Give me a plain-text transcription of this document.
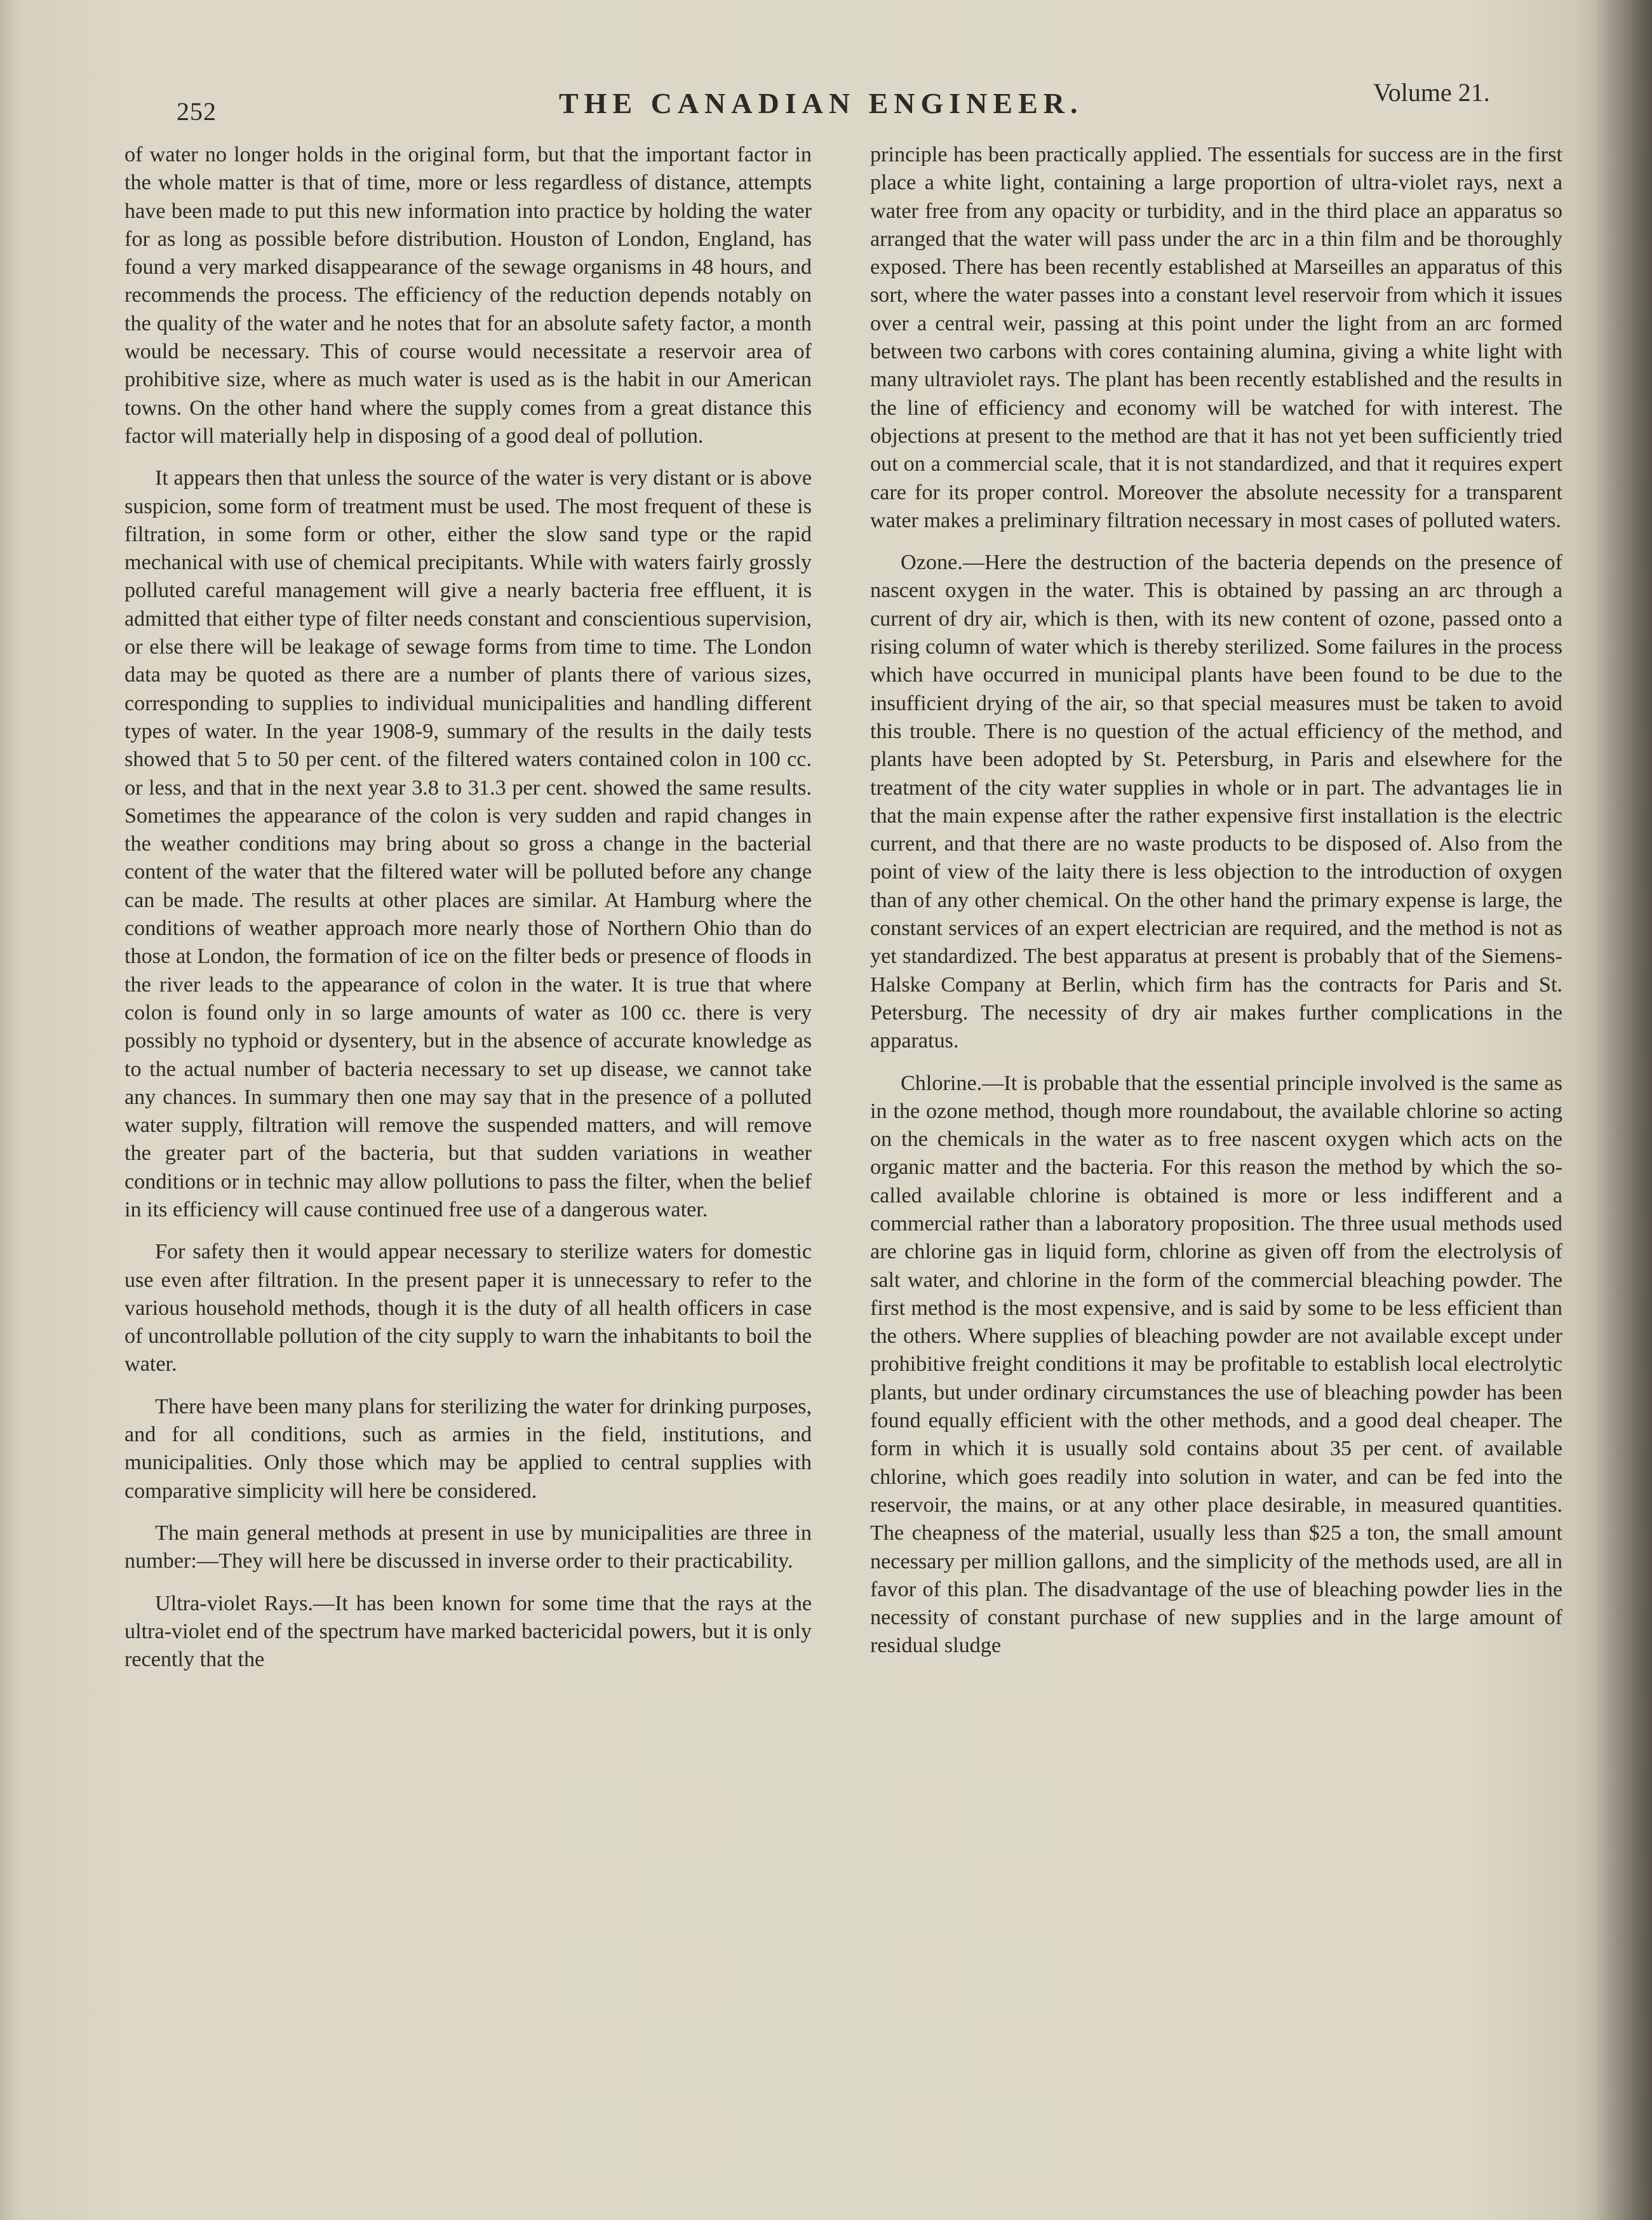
252	THE CANADIAN ENGINEER.	Volume 21.

of water no longer holds in the original form, but that the important factor in the whole matter is that of time, more or less regardless of distance, attempts have been made to put this new information into practice by holding the water for as long as possible before distribution. Houston of London, England, has found a very marked disappearance of the sewage organisms in 48 hours, and recommends the process. The efficiency of the reduction depends notably on the quality of the water and he notes that for an absolute safety factor, a month would be necessary. This of course would necessitate a reservoir area of prohibitive size, where as much water is used as is the habit in our American towns. On the other hand where the supply comes from a great distance this factor will materially help in disposing of a good deal of pollution.

It appears then that unless the source of the water is very distant or is above suspicion, some form of treatment must be used. The most frequent of these is filtration, in some form or other, either the slow sand type or the rapid mechanical with use of chemical precipitants. While with waters fairly grossly polluted careful management will give a nearly bacteria free effluent, it is admitted that either type of filter needs constant and conscientious supervision, or else there will be leakage of sewage forms from time to time. The London data may be quoted as there are a number of plants there of various sizes, corresponding to supplies to individual municipalities and handling different types of water. In the year 1908-9, summary of the results in the daily tests showed that 5 to 50 per cent. of the filtered waters contained colon in 100 cc. or less, and that in the next year 3.8 to 31.3 per cent. showed the same results. Sometimes the appearance of the colon is very sudden and rapid changes in the weather conditions may bring about so gross a change in the bacterial content of the water that the filtered water will be polluted before any change can be made. The results at other places are similar. At Hamburg where the conditions of weather approach more nearly those of Northern Ohio than do those at London, the formation of ice on the filter beds or presence of floods in the river leads to the appearance of colon in the water. It is true that where colon is found only in so large amounts of water as 100 cc. there is very possibly no typhoid or dysentery, but in the absence of accurate knowledge as to the actual number of bacteria necessary to set up disease, we cannot take any chances. In summary then one may say that in the presence of a polluted water supply, filtration will remove the suspended matters, and will remove the greater part of the bacteria, but that sudden variations in weather conditions or in technic may allow pollutions to pass the filter, when the belief in its efficiency will cause continued free use of a dangerous water.

For safety then it would appear necessary to sterilize waters for domestic use even after filtration. In the present paper it is unnecessary to refer to the various household methods, though it is the duty of all health officers in case of uncontrollable pollution of the city supply to warn the inhabitants to boil the water.

There have been many plans for sterilizing the water for drinking purposes, and for all conditions, such as armies in the field, institutions, and municipalities. Only those which may be applied to central supplies with comparative simplicity will here be considered.

The main general methods at present in use by municipalities are three in number:—They will here be discussed in inverse order to their practicability.

Ultra-violet Rays.—It has been known for some time that the rays at the ultra-violet end of the spectrum have marked bactericidal powers, but it is only recently that the

principle has been practically applied. The essentials for success are in the first place a white light, containing a large proportion of ultra-violet rays, next a water free from any opacity or turbidity, and in the third place an apparatus so arranged that the water will pass under the arc in a thin film and be thoroughly exposed. There has been recently established at Marseilles an apparatus of this sort, where the water passes into a constant level reservoir from which it issues over a central weir, passing at this point under the light from an arc formed between two carbons with cores containing alumina, giving a white light with many ultraviolet rays. The plant has been recently established and the results in the line of efficiency and economy will be watched for with interest. The objections at present to the method are that it has not yet been sufficiently tried out on a commercial scale, that it is not standardized, and that it requires expert care for its proper control. Moreover the absolute necessity for a transparent water makes a preliminary filtration necessary in most cases of polluted waters.

Ozone.—Here the destruction of the bacteria depends on the presence of nascent oxygen in the water. This is obtained by passing an arc through a current of dry air, which is then, with its new content of ozone, passed onto a rising column of water which is thereby sterilized. Some failures in the process which have occurred in municipal plants have been found to be due to the insufficient drying of the air, so that special measures must be taken to avoid this trouble. There is no question of the actual efficiency of the method, and plants have been adopted by St. Petersburg, in Paris and elsewhere for the treatment of the city water supplies in whole or in part. The advantages lie in that the main expense after the rather expensive first installation is the electric current, and that there are no waste products to be disposed of. Also from the point of view of the laity there is less objection to the introduction of oxygen than of any other chemical. On the other hand the primary expense is large, the constant services of an expert electrician are required, and the method is not as yet standardized. The best apparatus at present is probably that of the Siemens-Halske Company at Berlin, which firm has the contracts for Paris and St. Petersburg. The necessity of dry air makes further complications in the apparatus.

Chlorine.—It is probable that the essential principle involved is the same as in the ozone method, though more roundabout, the available chlorine so acting on the chemicals in the water as to free nascent oxygen which acts on the organic matter and the bacteria. For this reason the method by which the so-called available chlorine is obtained is more or less indifferent and a commercial rather than a laboratory proposition. The three usual methods used are chlorine gas in liquid form, chlorine as given off from the electrolysis of salt water, and chlorine in the form of the commercial bleaching powder. The first method is the most expensive, and is said by some to be less efficient than the others. Where supplies of bleaching powder are not available except under prohibitive freight conditions it may be profitable to establish local electrolytic plants, but under ordinary circumstances the use of bleaching powder has been found equally efficient with the other methods, and a good deal cheaper. The form in which it is usually sold contains about 35 per cent. of available chlorine, which goes readily into solution in water, and can be fed into the reservoir, the mains, or at any other place desirable, in measured quantities. The cheapness of the material, usually less than $25 a ton, the small amount necessary per million gallons, and the simplicity of the methods used, are all in favor of this plan. The disadvantage of the use of bleaching powder lies in the necessity of constant purchase of new supplies and in the large amount of residual sludge
